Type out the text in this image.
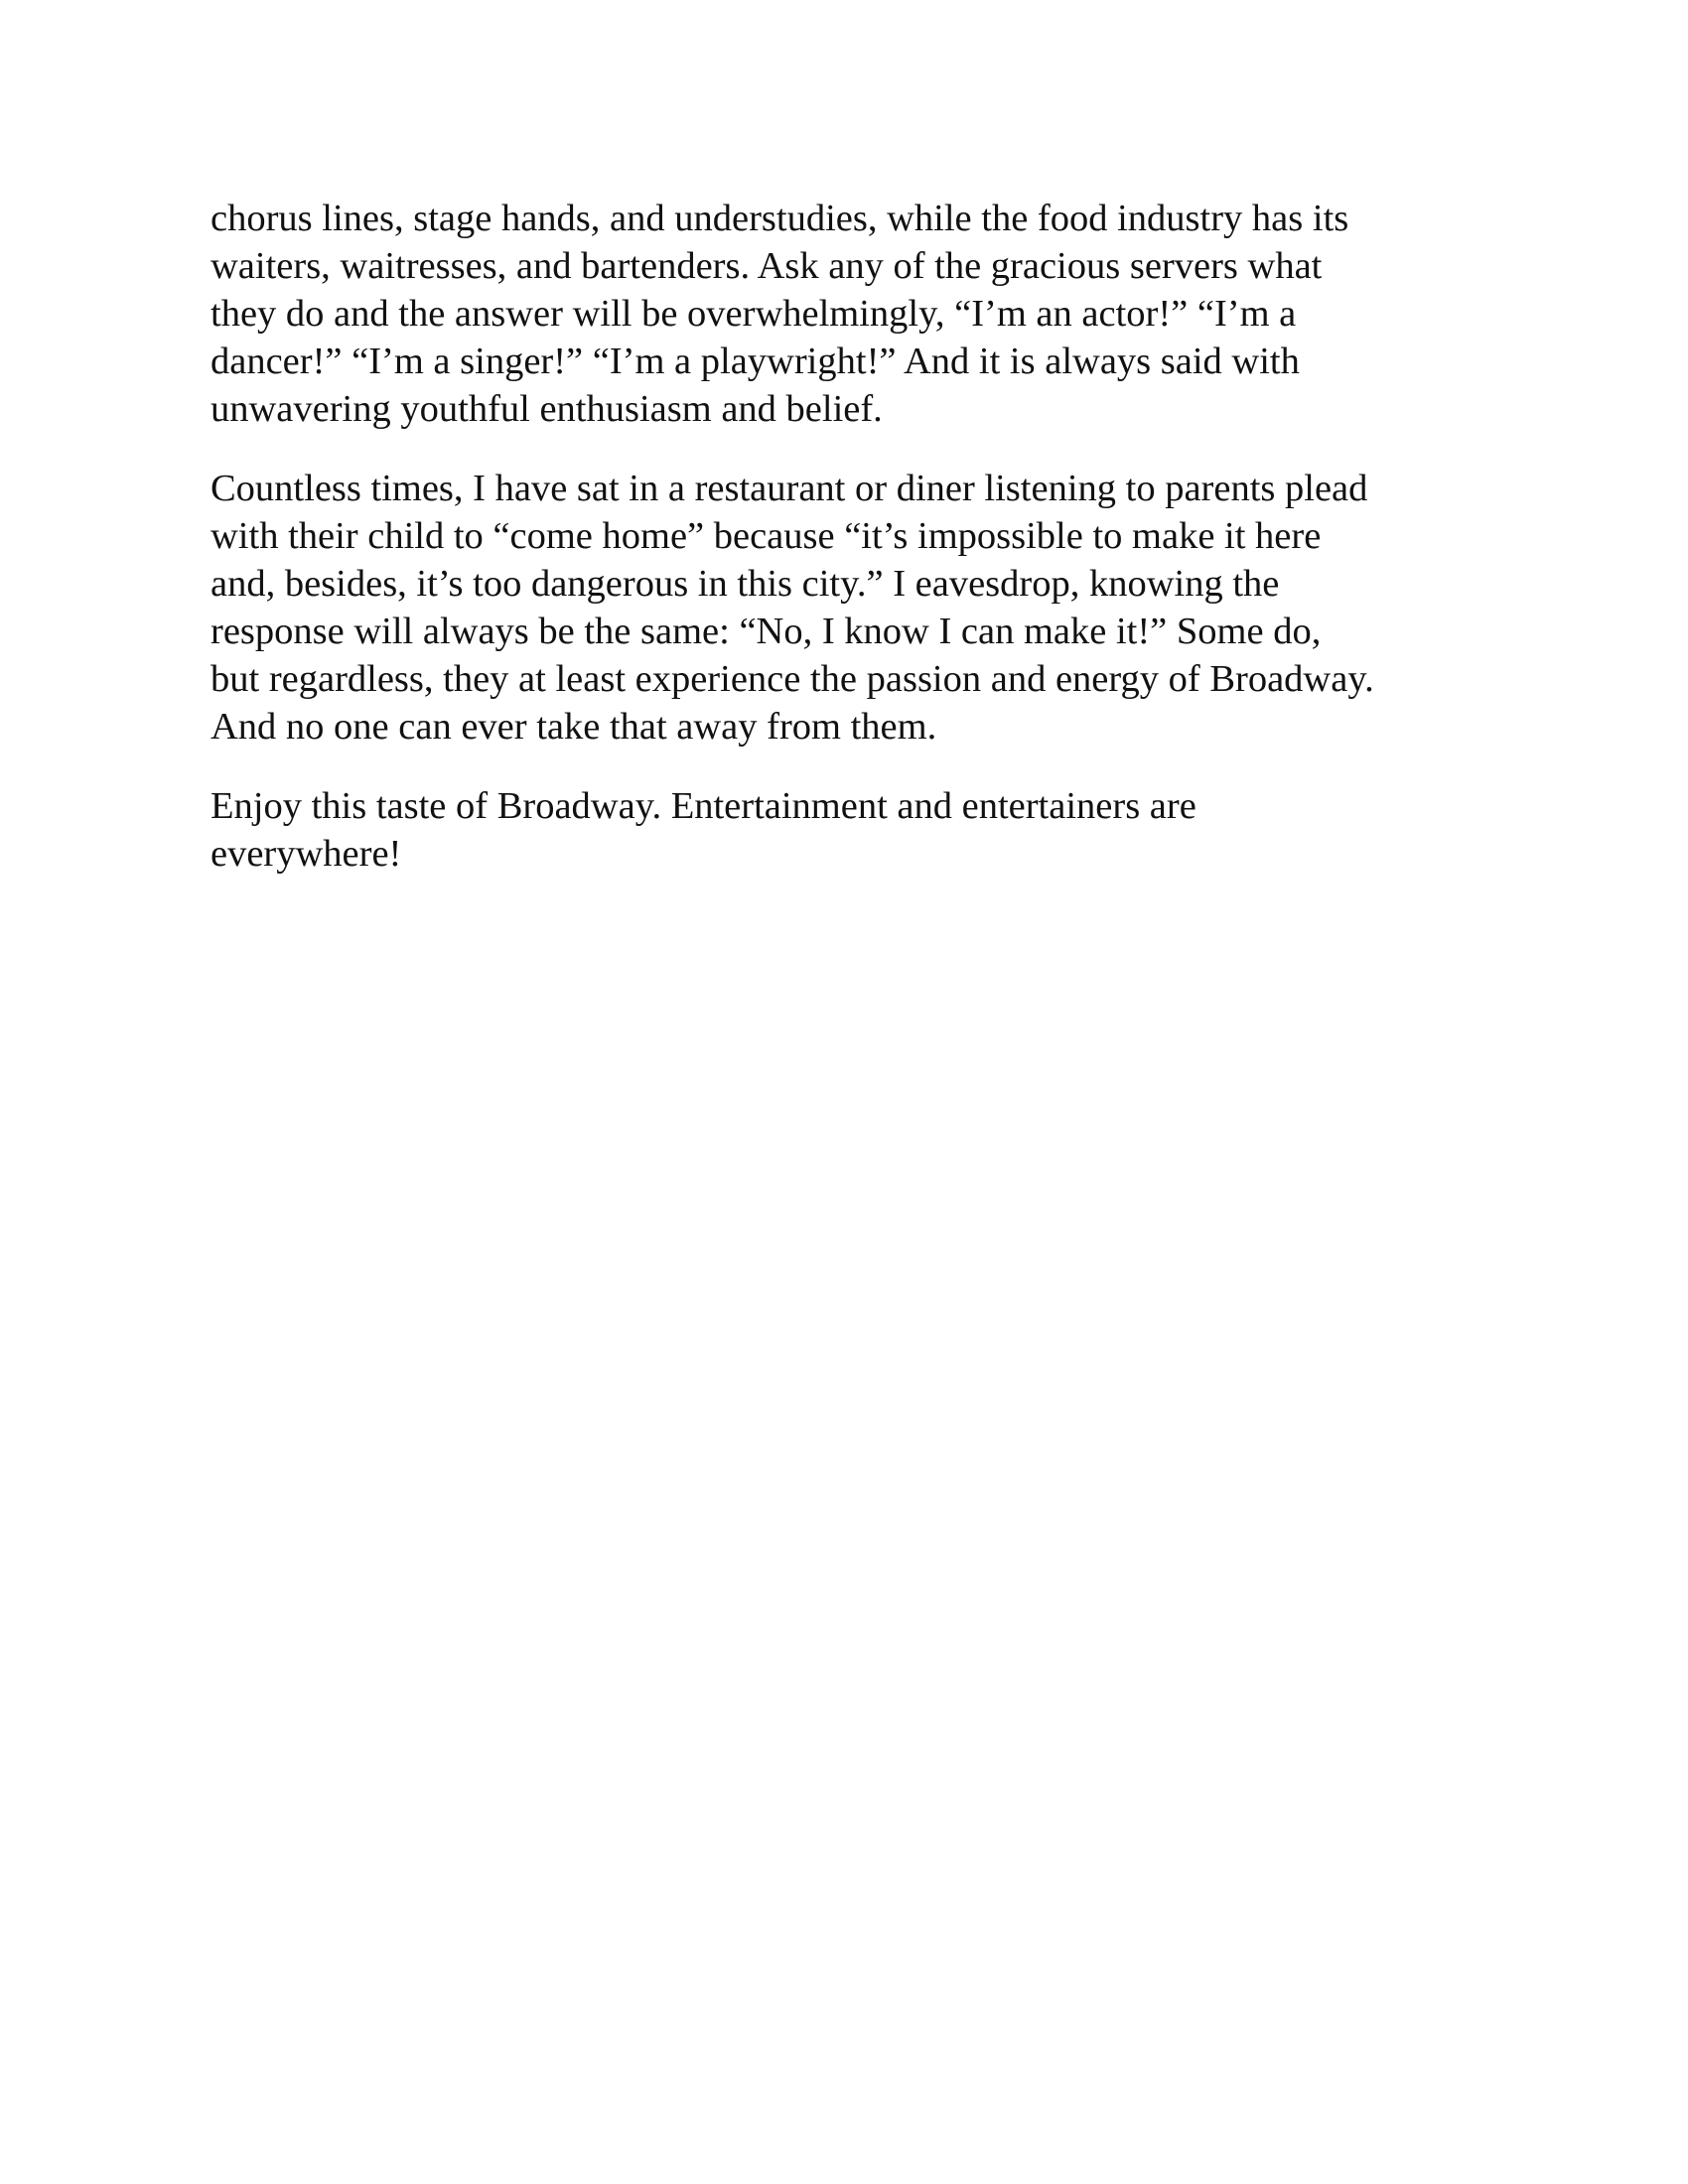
chorus lines, stage hands, and understudies, while the food industry has its
waiters, waitresses, and bartenders. Ask any of the gracious servers what
they do and the answer will be overwhelmingly, “I’m an actor!” “I’m a
dancer!” “I’m a singer!” “I’m a playwright!” And it is always said with
unwavering youthful enthusiasm and belief.

Countless times, I have sat in a restaurant or diner listening to parents plead
with their child to “come home” because “it’s impossible to make it here
and, besides, it’s too dangerous in this city.” I eavesdrop, knowing the
response will always be the same: “No, I know I can make it!” Some do,
but regardless, they at least experience the passion and energy of Broadway.
And no one can ever take that away from them.

Enjoy this taste of Broadway. Entertainment and entertainers are
everywhere!
